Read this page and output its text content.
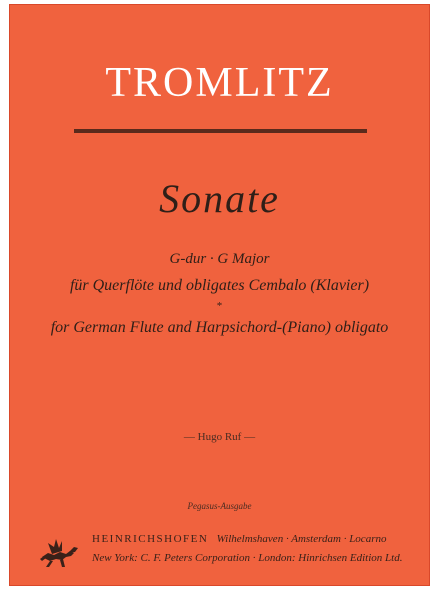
TROMLITZ
Sonate
G-dur · G Major
für Querflöte und obligates Cembalo (Klavier)
*
for German Flute and Harpsichord-(Piano) obligato
— Hugo Ruf —
Pegasus-Ausgabe
HEINRICHSHOFEN Wilhelmshaven · Amsterdam · Locarno
New York: C. F. Peters Corporation · London: Hinrichsen Edition Ltd.
